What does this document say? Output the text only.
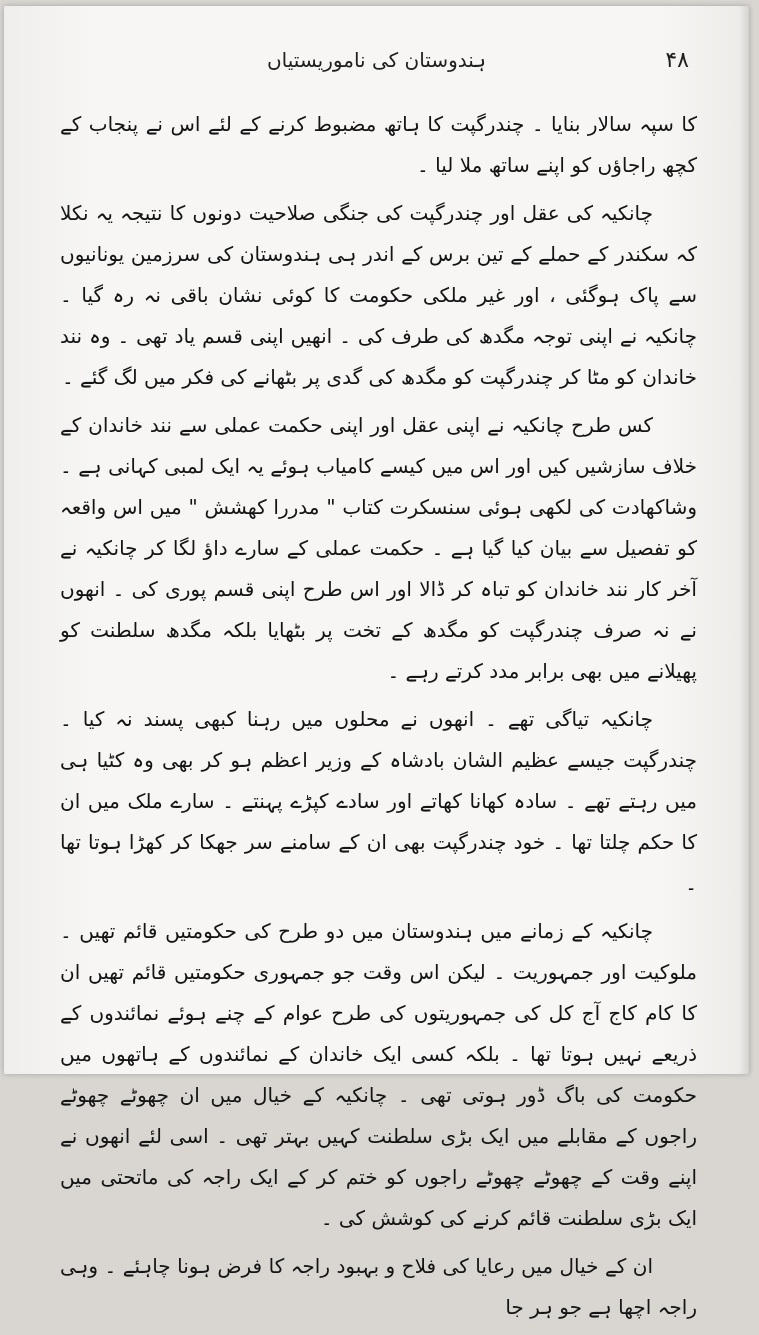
ہندوستان کی ناموریستیاں	۴۸

کا سپہ سالار بنایا ۔ چندرگپت کا ہاتھ مضبوط کرنے کے لئے اس نے پنجاب کے کچھ راجاؤں کو اپنے ساتھ ملا لیا ۔

چانکیہ کی عقل اور چندرگپت کی جنگی صلاحیت دونوں کا نتیجہ یہ نکلا کہ سکندر کے حملے کے تین برس کے اندر ہی ہندوستان کی سرزمین یونانیوں سے پاک ہوگئی ، اور غیر ملکی حکومت کا کوئی نشان باقی نہ رہ گیا ۔ چانکیہ نے اپنی توجہ مگدھ کی طرف کی ۔ انھیں اپنی قسم یاد تھی ۔ وہ نند خاندان کو مٹا کر چندرگپت کو مگدھ کی گدی پر بٹھانے کی فکر میں لگ گئے ۔

کس طرح چانکیہ نے اپنی عقل اور اپنی حکمت عملی سے نند خاندان کے خلاف سازشیں کیں اور اس میں کیسے کامیاب ہوئے یہ ایک لمبی کہانی ہے ۔ وشاکھادت کی لکھی ہوئی سنسکرت کتاب " مدررا کھشش " میں اس واقعہ کو تفصیل سے بیان کیا گیا ہے ۔ حکمت عملی کے سارے داؤ لگا کر چانکیہ نے آخر کار نند خاندان کو تباہ کر ڈالا اور اس طرح اپنی قسم پوری کی ۔ انھوں نے نہ صرف چندرگپت کو مگدھ کے تخت پر بٹھایا بلکہ مگدھ سلطنت کو پھیلانے میں بھی برابر مدد کرتے رہے ۔

چانکیہ تیاگی تھے ۔ انھوں نے محلوں میں رہنا کبھی پسند نہ کیا ۔ چندرگپت جیسے عظیم الشان بادشاہ کے وزیر اعظم ہو کر بھی وہ کٹیا ہی میں رہتے تھے ۔ سادہ کھانا کھاتے اور سادے کپڑے پہنتے ۔ سارے ملک میں ان کا حکم چلتا تھا ۔ خود چندرگپت بھی ان کے سامنے سر جھکا کر کھڑا ہوتا تھا ۔

چانکیہ کے زمانے میں ہندوستان میں دو طرح کی حکومتیں قائم تھیں ۔ ملوکیت اور جمہوریت ۔ لیکن اس وقت جو جمہوری حکومتیں قائم تھیں ان کا کام کاج آج کل کی جمہوریتوں کی طرح عوام کے چنے ہوئے نمائندوں کے ذریعے نہیں ہوتا تھا ۔ بلکہ کسی ایک خاندان کے نمائندوں کے ہاتھوں میں حکومت کی باگ ڈور ہوتی تھی ۔ چانکیہ کے خیال میں ان چھوٹے چھوٹے راجوں کے مقابلے میں ایک بڑی سلطنت کہیں بہتر تھی ۔ اسی لئے انھوں نے اپنے وقت کے چھوٹے چھوٹے راجوں کو ختم کر کے ایک راجہ کی ماتحتی میں ایک بڑی سلطنت قائم کرنے کی کوشش کی ۔

ان کے خیال میں رعایا کی فلاح و بہبود راجہ کا فرض ہونا چاہئے ۔ وہی راجہ اچھا ہے جو ہر جا
